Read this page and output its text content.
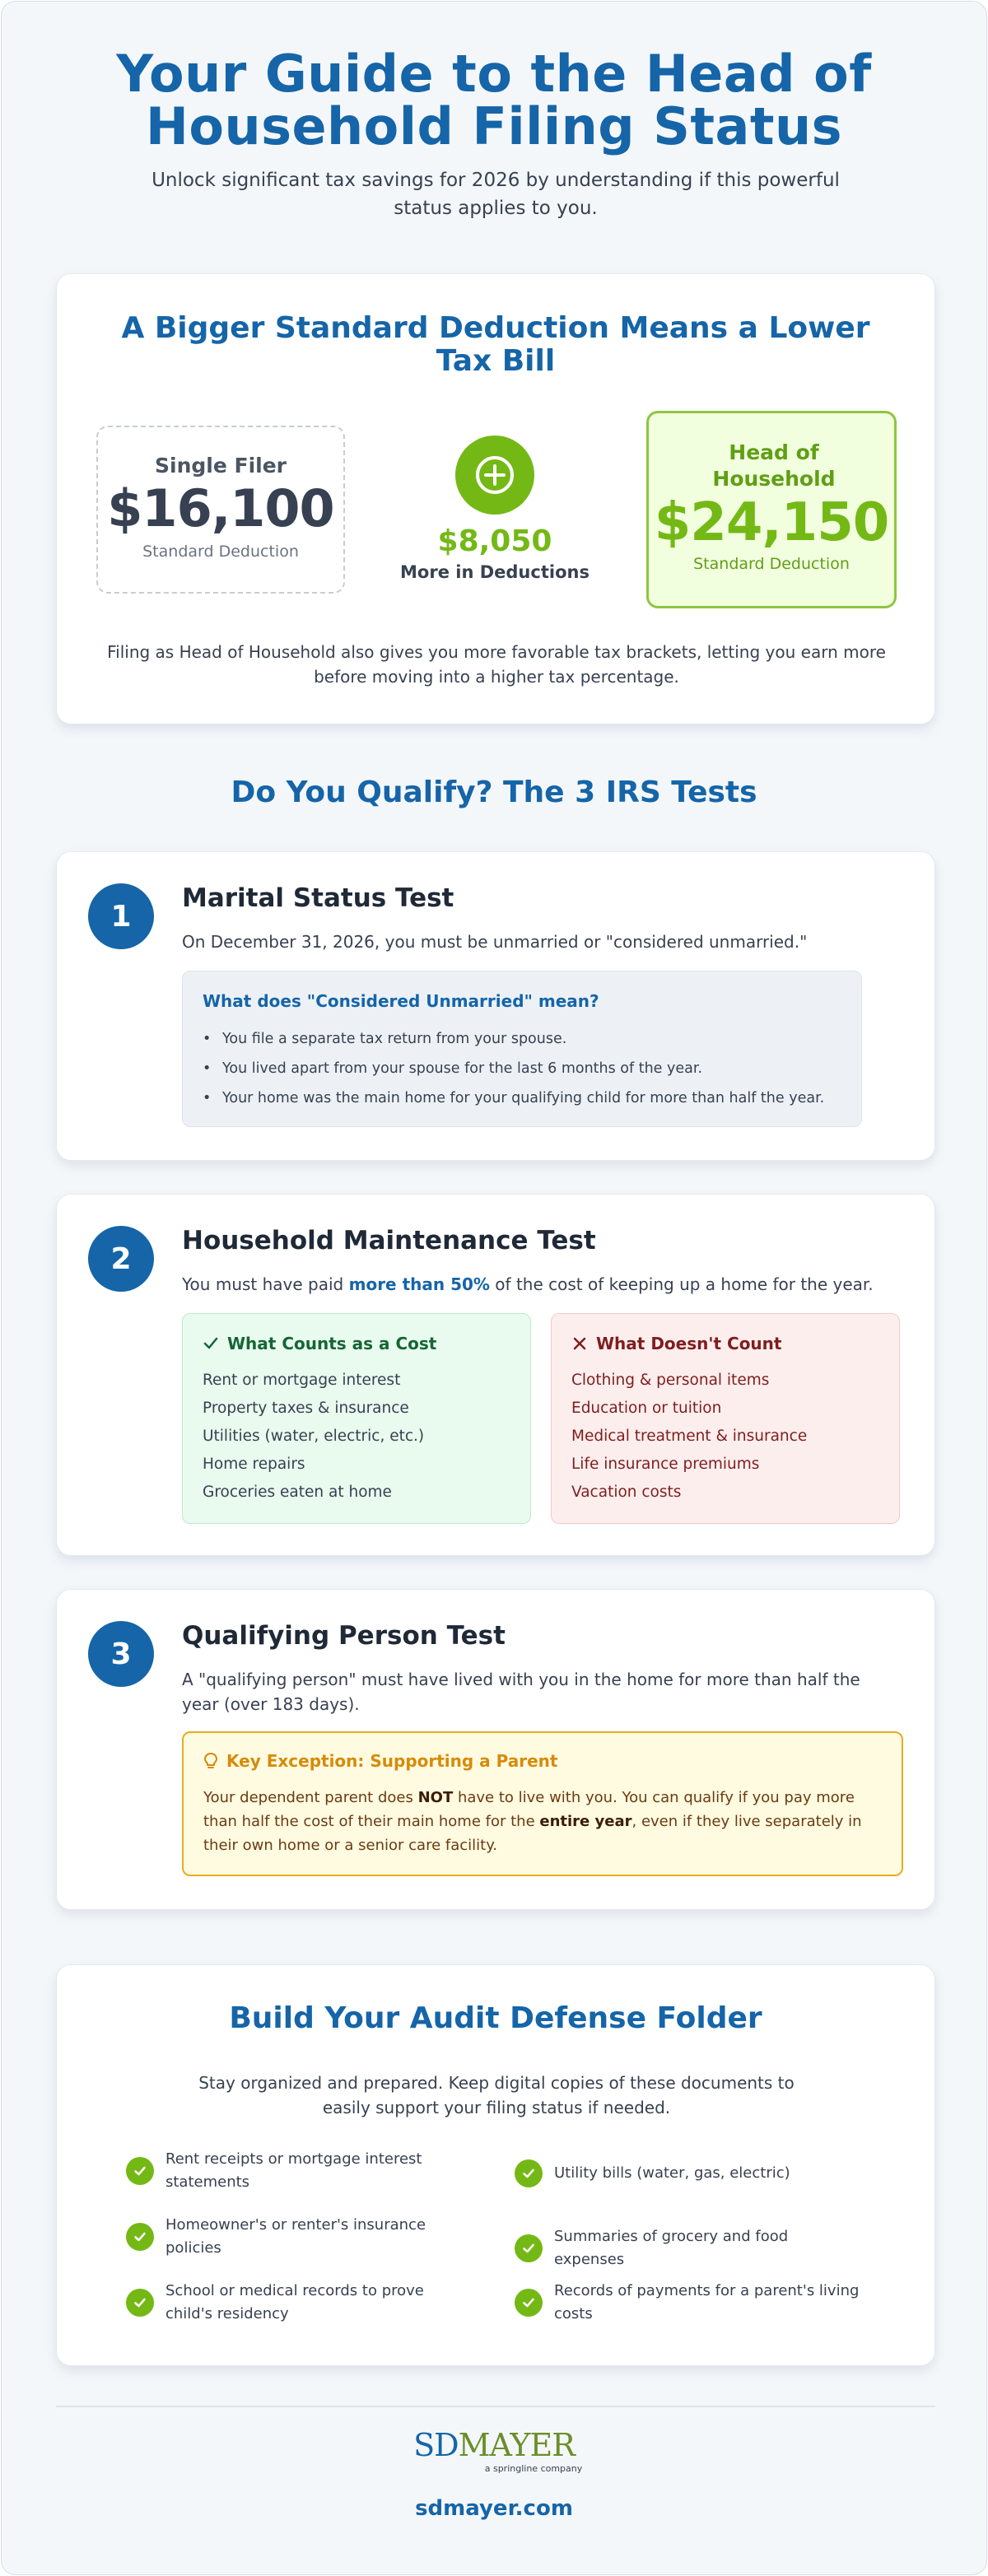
Your Guide to the Head of
Household Filing Status
Unlock significant tax savings for 2026 by understanding if this powerful
status applies to you.
A Bigger Standard Deduction Means a Lower
Tax Bill
Single Filer
$16,100
Standard Deduction	$8,050
More in Deductions
Head of Household
$24,150
Standard Deduction
Filing as Head of Household also gives you more favorable tax brackets, letting you earn more
before moving into a higher tax percentage.
Do You Qualify? The 3 IRS Tests
1
Marital Status Test
On December 31, 2026, you must be unmarried or "considered unmarried."
What does "Considered Unmarried" mean?
• You file a separate tax return from your spouse.
• You lived apart from your spouse for the last 6 months of the year.
• Your home was the main home for your qualifying child for more than half the year.
2
Household Maintenance Test
You must have paid more than 50% of the cost of keeping up a home for the year.
What Counts as a Cost
Rent or mortgage interest
Property taxes & insurance
Utilities (water, electric, etc.)
Home repairs
Groceries eaten at home
What Doesn't Count
Clothing & personal items
Education or tuition
Medical treatment & insurance
Life insurance premiums
Vacation costs
3
Qualifying Person Test
A "qualifying person" must have lived with you in the home for more than half the
year (over 183 days).
Key Exception: Supporting a Parent
Your dependent parent does NOT have to live with you. You can qualify if you pay more
than half the cost of their main home for the entire year, even if they live separately in
their own home or a senior care facility.
Build Your Audit Defense Folder
Stay organized and prepared. Keep digital copies of these documents to
easily support your filing status if needed.
Rent receipts or mortgage interest
statements
Utility bills (water, gas, electric)
Homeowner's or renter's insurance
policies
Summaries of grocery and food expenses
School or medical records to prove
child's residency
Records of payments for a parent's living
costs
SDMAYER
a springline company
sdmayer.com
